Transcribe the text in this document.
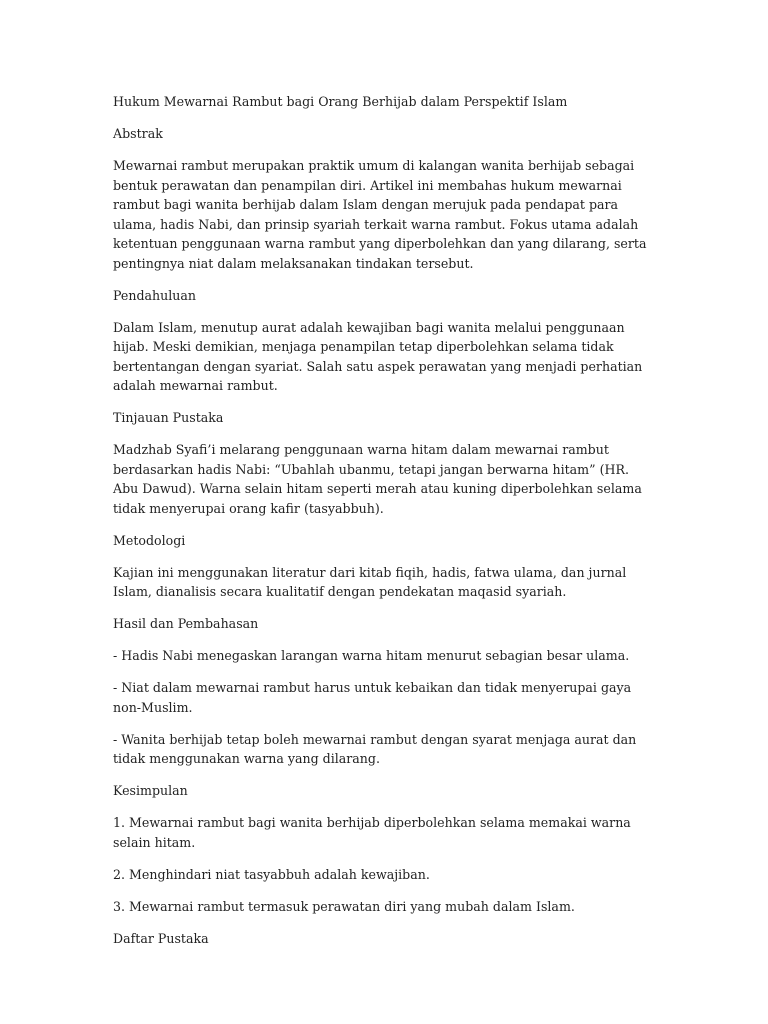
Hukum Mewarnai Rambut bagi Orang Berhijab dalam Perspektif Islam
Abstrak

Mewarnai rambut merupakan praktik umum di kalangan wanita berhijab sebagai bentuk perawatan dan penampilan diri. Artikel ini membahas hukum mewarnai rambut bagi wanita berhijab dalam Islam dengan merujuk pada pendapat para ulama, hadis Nabi, dan prinsip syariah terkait warna rambut. Fokus utama adalah ketentuan penggunaan warna rambut yang diperbolehkan dan yang dilarang, serta pentingnya niat dalam melaksanakan tindakan tersebut.

Pendahuluan

Dalam Islam, menutup aurat adalah kewajiban bagi wanita melalui penggunaan hijab. Meski demikian, menjaga penampilan tetap diperbolehkan selama tidak bertentangan dengan syariat. Salah satu aspek perawatan yang menjadi perhatian adalah mewarnai rambut.

Tinjauan Pustaka

Madzhab Syafi’i melarang penggunaan warna hitam dalam mewarnai rambut berdasarkan hadis Nabi: “Ubahlah ubanmu, tetapi jangan berwarna hitam” (HR. Abu Dawud). Warna selain hitam seperti merah atau kuning diperbolehkan selama tidak menyerupai orang kafir (tasyabbuh).

Metodologi

Kajian ini menggunakan literatur dari kitab fiqih, hadis, fatwa ulama, dan jurnal Islam, dianalisis secara kualitatif dengan pendekatan maqasid syariah.

Hasil dan Pembahasan

- Hadis Nabi menegaskan larangan warna hitam menurut sebagian besar ulama.

- Niat dalam mewarnai rambut harus untuk kebaikan dan tidak menyerupai gaya non-Muslim.

- Wanita berhijab tetap boleh mewarnai rambut dengan syarat menjaga aurat dan tidak menggunakan warna yang dilarang.

Kesimpulan

1. Mewarnai rambut bagi wanita berhijab diperbolehkan selama memakai warna selain hitam.

2. Menghindari niat tasyabbuh adalah kewajiban.

3. Mewarnai rambut termasuk perawatan diri yang mubah dalam Islam.

Daftar Pustaka
